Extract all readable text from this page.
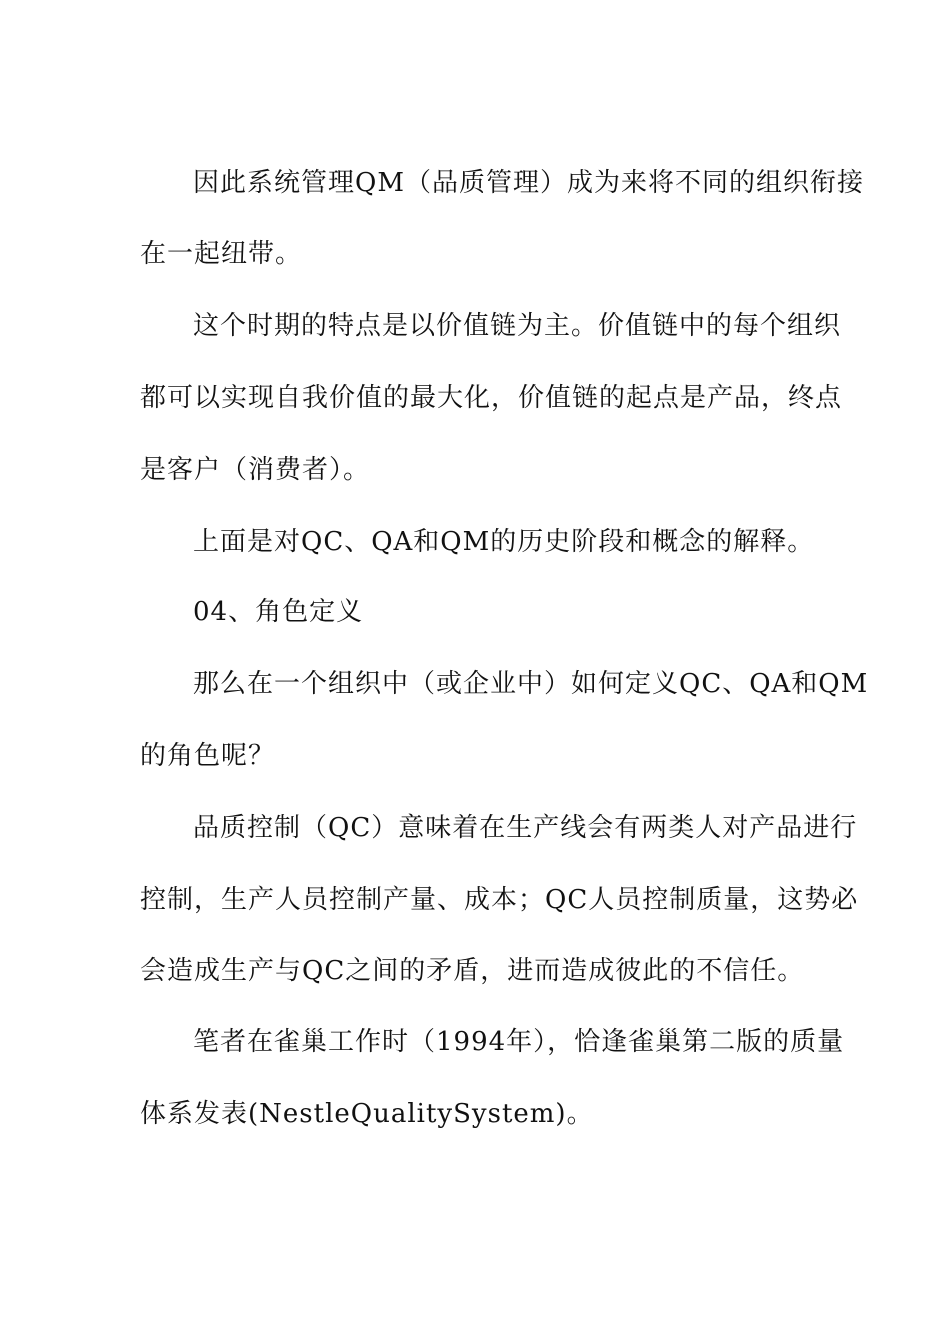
因此系统管理QM（品质管理）成为来将不同的组织衔接
在一起纽带。
这个时期的特点是以价值链为主。价值链中的每个组织
都可以实现自我价值的最大化，价值链的起点是产品，终点
是客户（消费者）。
上面是对QC、QA和QM的历史阶段和概念的解释。
04、角色定义
那么在一个组织中（或企业中）如何定义QC、QA和QM
的角色呢？
品质控制（QC）意味着在生产线会有两类人对产品进行
控制，生产人员控制产量、成本；QC人员控制质量，这势必
会造成生产与QC之间的矛盾，进而造成彼此的不信任。
笔者在雀巢工作时（1994年），恰逢雀巢第二版的质量
体系发表(NestleQualitySystem)。
